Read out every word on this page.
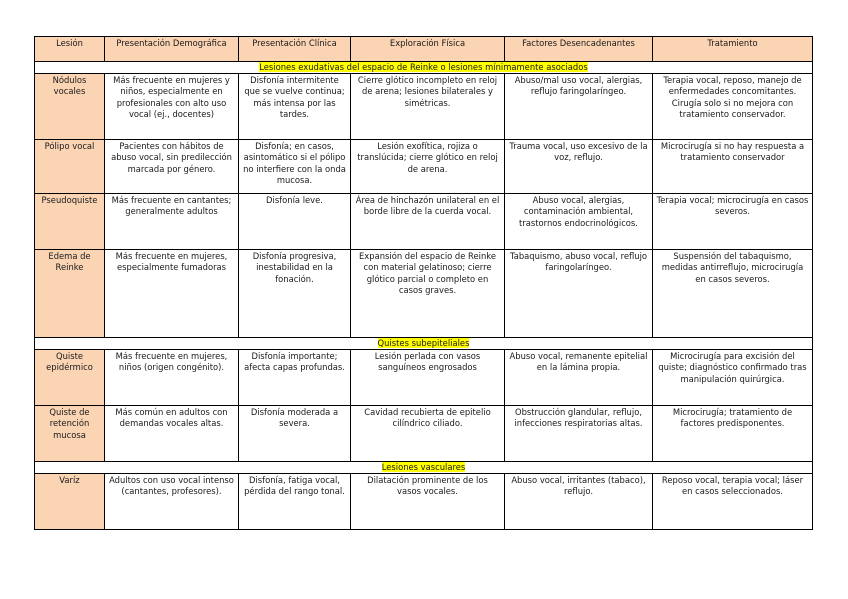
Lesión	Presentación Demográfica	Presentación Clínica	Exploración Física	Factores Desencadenantes	Tratamiento
Lesiones exudativas del espacio de Reinke o lesiones mínimamente asociados					
Nódulos vocales	Más frecuente en mujeres y niños, especialmente en profesionales con alto uso vocal (ej., docentes)	Disfonía intermitente que se vuelve continua; más intensa por las tardes.	Cierre glótico incompleto en reloj de arena; lesiones bilaterales y simétricas.	Abuso/mal uso vocal, alergias, reflujo faringolaríngeo.	Terapia vocal, reposo, manejo de enfermedades concomitantes. Cirugía solo si no mejora con tratamiento conservador.
Pólipo vocal	Pacientes con hábitos de abuso vocal, sin predilección marcada por género.	Disfonía; en casos, asintomático si el pólipo no interfiere con la onda mucosa.	Lesión exofítica, rojiza o translúcida; cierre glótico en reloj de arena.	Trauma vocal, uso excesivo de la voz, reflujo.	Microcirugía si no hay respuesta a tratamiento conservador
Pseudoquiste	Más frecuente en cantantes; generalmente adultos	Disfonía leve.	Área de hinchazón unilateral en el borde libre de la cuerda vocal.	Abuso vocal, alergias, contaminación ambiental, trastornos endocrinológicos.	Terapia vocal; microcirugía en casos severos.
Edema de Reinke	Más frecuente en mujeres, especialmente fumadoras	Disfonía progresiva, inestabilidad en la fonación.	Expansión del espacio de Reinke con material gelatinoso; cierre glótico parcial o completo en casos graves.	Tabaquismo, abuso vocal, reflujo faringolaríngeo.	Suspensión del tabaquismo, medidas antirreflujo, microcirugía en casos severos.
Quistes subepiteliales					
Quiste epidérmico	Más frecuente en mujeres, niños (origen congénito).	Disfonía importante; afecta capas profundas.	Lesión perlada con vasos sanguíneos engrosados	Abuso vocal, remanente epitelial en la lámina propia.	Microcirugía para excisión del quiste; diagnóstico confirmado tras manipulación quirúrgica.
Quiste de retención mucosa	Más común en adultos con demandas vocales altas.	Disfonía moderada a severa.	Cavidad recubierta de epitelio cilíndrico ciliado.	Obstrucción glandular, reflujo, infecciones respiratorias altas.	Microcirugía; tratamiento de factores predisponentes.
Lesiones vasculares					
Varíz	Adultos con uso vocal intenso (cantantes, profesores).	Disfonía, fatiga vocal, pérdida del rango tonal.	Dilatación prominente de los vasos vocales.	Abuso vocal, irritantes (tabaco), reflujo.	Reposo vocal, terapia vocal; láser en casos seleccionados.
